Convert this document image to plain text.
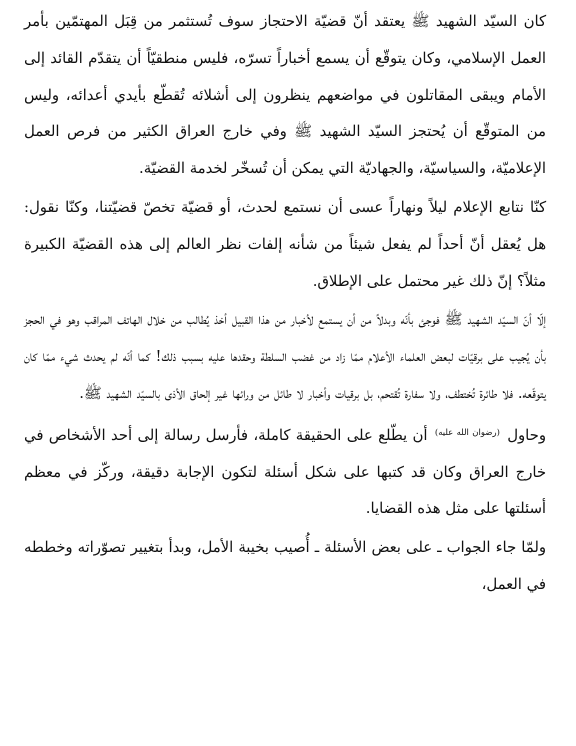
كان السيّد الشهيد ﷺ يعتقد أنّ قضيّة الاحتجاز سوف تُستثمر من قِبَل المهتمّين بأمر العمل الإسلامي، وكان يتوقّع أن يسمع أخباراً تسرّه، فليس منطقيّاً أن يتقدّم القائد إلى الأمام ويبقى المقاتلون في مواضعهم ينظرون إلى أشلائه تُقطّع بأيدي أعدائه، وليس من المتوقّع أن يُحتجز السيّد الشهيد ﷺ وفي خارج العراق الكثير من فرص العمل الإعلاميّة، والسياسيّة، والجهاديّة التي يمكن أن تُسخّر لخدمة القضيّة.

كنّا نتابع الإعلام ليلاً ونهاراً عسى أن نستمع لحدث، أو قضيّة تخصّ قضيّتنا، وكنّا نقول: هل يُعقل أنّ أحداً لم يفعل شيئاً من شأنه إلفات نظر العالم إلى هذه القضيّة الكبيرة مثلاً؟ إنّ ذلك غير محتمل على الإطلاق.

إلّا أنّ السيّد الشهيد ﷺ فوجئ بأنّه وبدلاً من أن يستمع لأخبار من هذا القبيل أخذ يُطالب من خلال الهاتف المراقب وهو في الحجز بأن يُجيب على برقيّات لبعض العلماء الأعلام ممّا زاد من غضب السلطة وحقدها عليه بسبب ذلك! كما أنّه لم يحدث شيء ممّا كان يتوقّعه. فلا طائرة تُختطف، ولا سفارة تُقتحم، بل برقيات وأخبار لا طائل من ورائها غير إلحاق الأذى بالسيّد الشهيد ﷺ.

وحاول $^{(رضوان الله عليه)}$ أن يطّلع على الحقيقة كاملة، فأرسل رسالة إلى أحد الأشخاص في خارج العراق وكان قد كتبها على شكل أسئلة لتكون الإجابة دقيقة، وركّز في معظم أسئلتها على مثل هذه القضايا.

ولمّا جاء الجواب ـ على بعض الأسئلة ـ أُصيب بخيبة الأمل، وبدأ بتغيير تصوّراته وخططه في العمل،
